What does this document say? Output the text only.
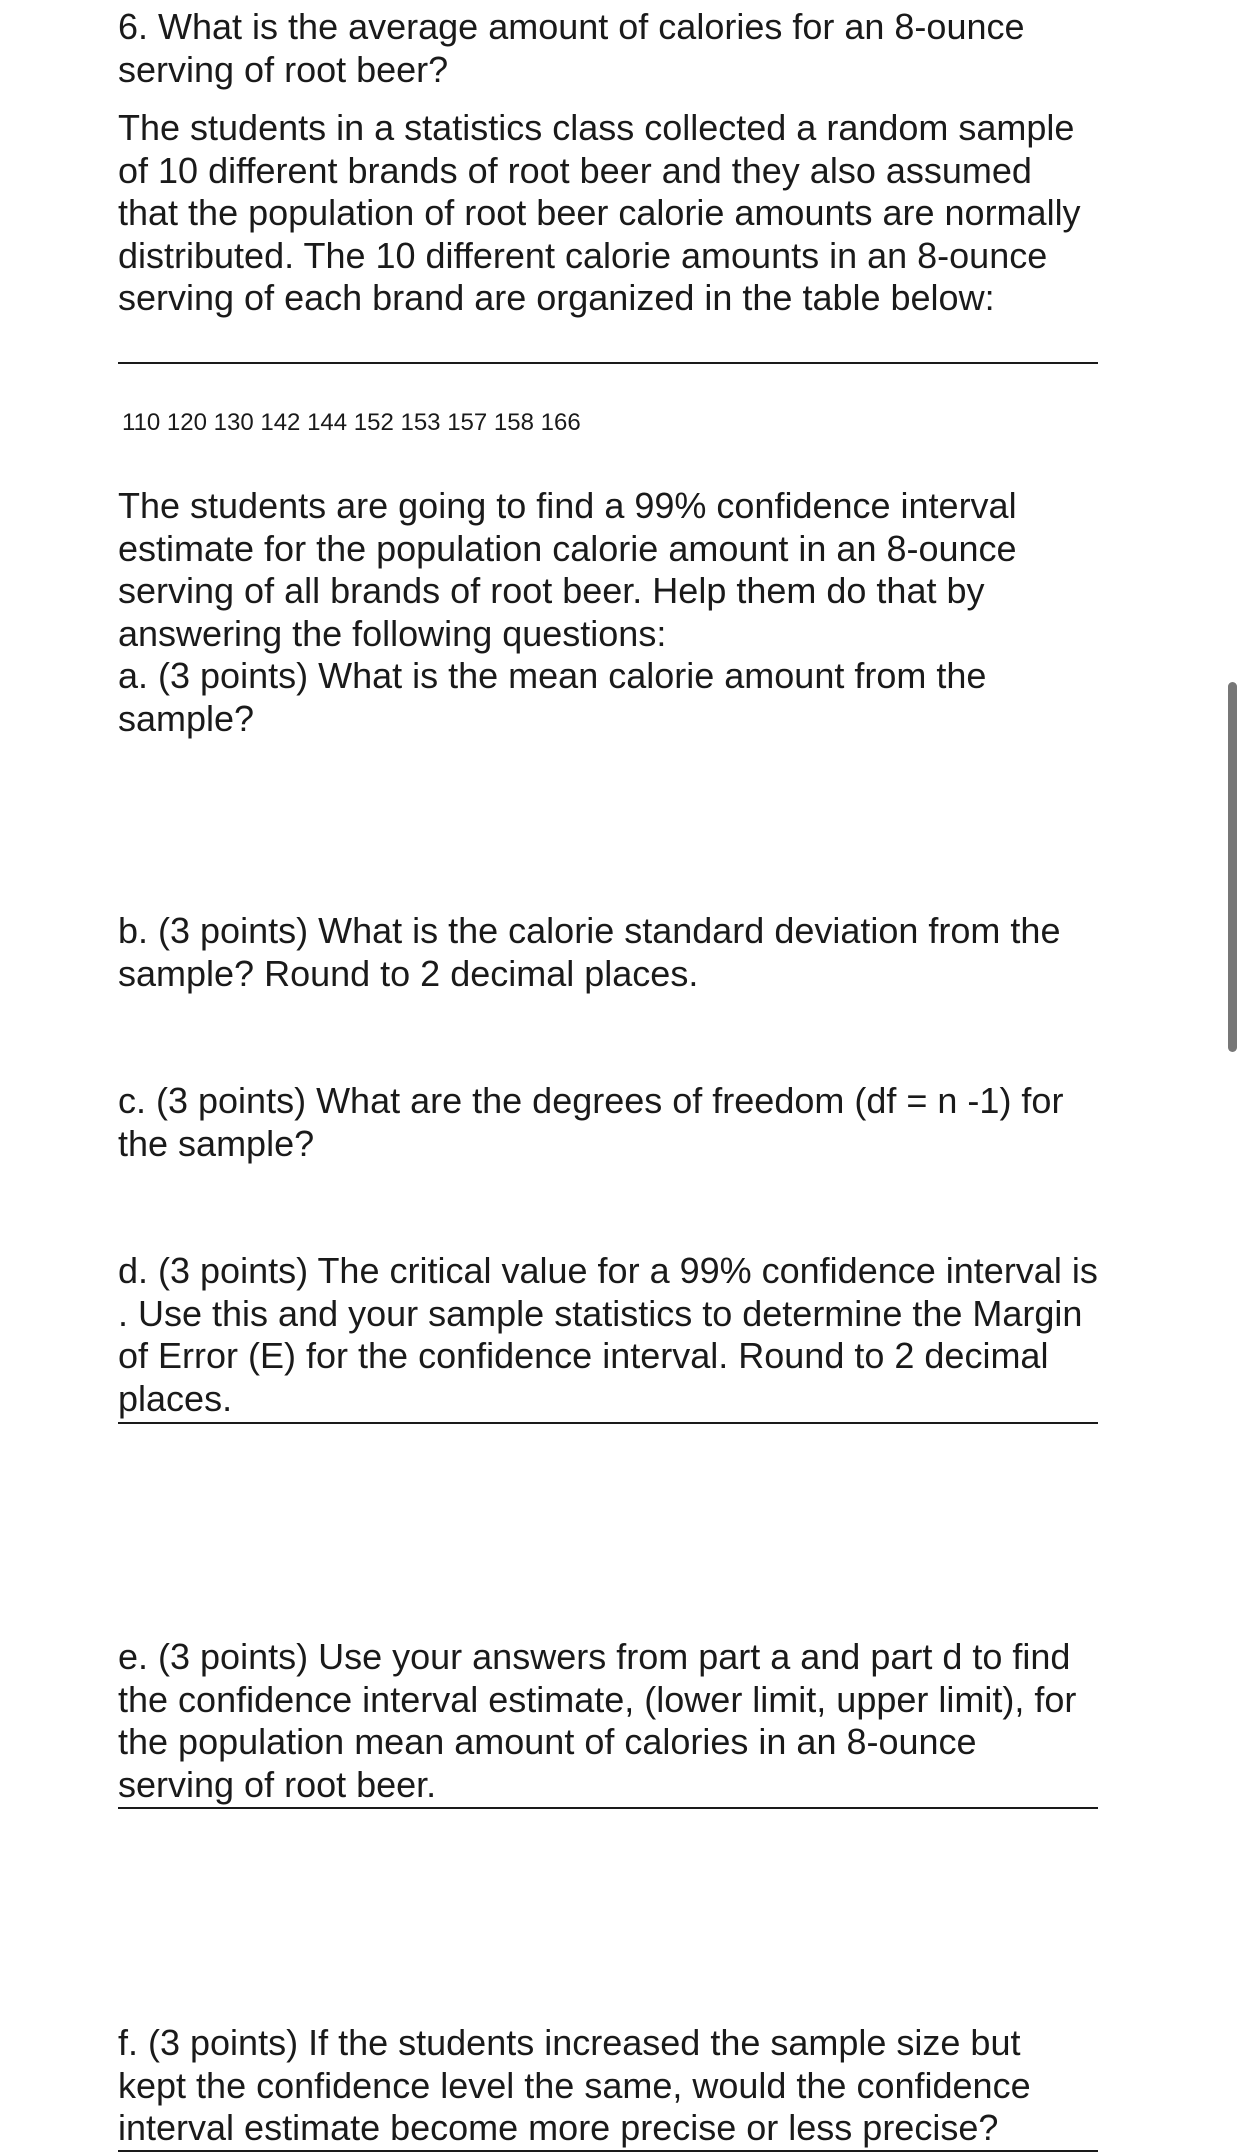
6. What is the average amount of calories for an 8-ounce serving of root beer?

The students in a statistics class collected a random sample of 10 different brands of root beer and they also assumed that the population of root beer calorie amounts are normally distributed. The 10 different calorie amounts in an 8-ounce serving of each brand are organized in the table below:

110 120 130 142 144 152 153 157 158 166

The students are going to find a 99% confidence interval estimate for the population calorie amount in an 8-ounce serving of all brands of root beer. Help them do that by answering the following questions:

a. (3 points) What is the mean calorie amount from the sample?

b. (3 points) What is the calorie standard deviation from the sample? Round to 2 decimal places.

c. (3 points) What are the degrees of freedom (df = n -1) for the sample?

d. (3 points) The critical value for a 99% confidence interval is . Use this and your sample statistics to determine the Margin of Error (E) for the confidence interval. Round to 2 decimal places.

e. (3 points) Use your answers from part a and part d to find the confidence interval estimate, (lower limit, upper limit), for the population mean amount of calories in an 8-ounce serving of root beer.

f. (3 points) If the students increased the sample size but kept the confidence level the same, would the confidence interval estimate become more precise or less precise?
